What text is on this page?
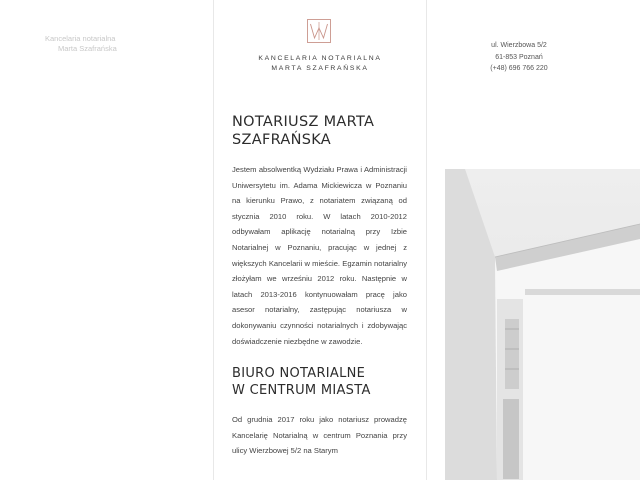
Kancelaria notarialna
Marta Szafrańska
KANCELARIA NOTARIALNA
MARTA SZAFRAŃSKA
ul. Wierzbowa 5/2
61-853 Poznań
(+48) 696 766 220
NOTARIUSZ MARTA
SZAFRAŃSKA

Jestem absolwentką Wydziału Prawa i Administracji Uniwersytetu im. Adama Mickiewicza w Poznaniu na kierunku Prawo, z notariatem związaną od stycznia 2010 roku. W latach 2010-2012 odbywałam aplikację notarialną przy Izbie Notarialnej w Poznaniu, pracując w jednej z większych Kancelarii w mieście. Egzamin notarialny złożyłam we wrześniu 2012 roku. Następnie w latach 2013-2016 kontynuowałam pracę jako asesor notarialny, zastępując notariusza w dokonywaniu czynności notarialnych i zdobywając doświadczenie niezbędne w zawodzie.

BIURO NOTARIALNE
W CENTRUM MIASTA

Od grudnia 2017 roku jako notariusz prowadzę Kancelarię Notarialną w centrum Poznania przy ulicy Wierzbowej 5/2 na Starym
